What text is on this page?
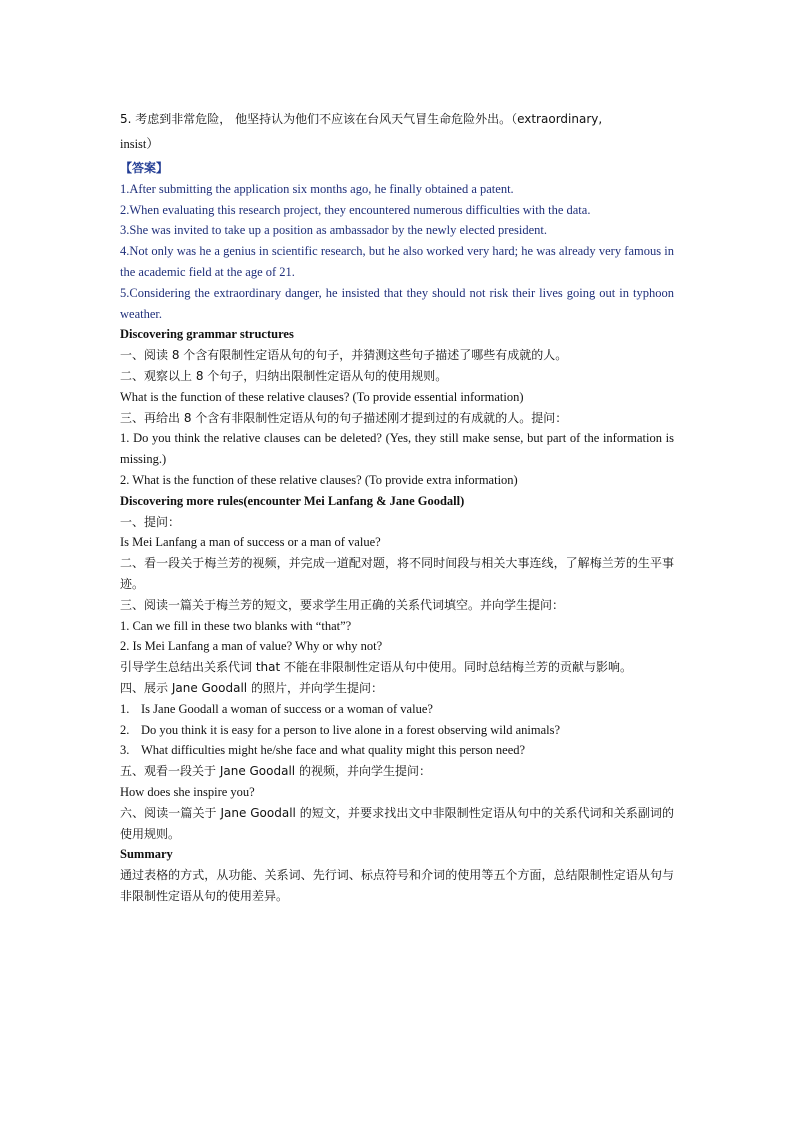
5. 考虑到非常危险， 他坚持认为他们不应该在台风天气冒生命危险外出。（extraordinary,
insist）
【答案】
1.After submitting the application six months ago, he finally obtained a patent.
2.When evaluating this research project, they encountered numerous difficulties with the data.
3.She was invited to take up a position as ambassador by the newly elected president.
4.Not only was he a genius in scientific research, but he also worked very hard; he was already very famous in the academic field at the age of 21.
5.Considering the extraordinary danger, he insisted that they should not risk their lives going out in typhoon weather.
Discovering grammar structures
一、阅读 8 个含有限制性定语从句的句子，并猜测这些句子描述了哪些有成就的人。
二、观察以上 8 个句子，归纳出限制性定语从句的使用规则。
What is the function of these relative clauses? (To provide essential information)
三、再给出 8 个含有非限制性定语从句的句子描述刚才提到过的有成就的人。提问：
1. Do you think the relative clauses can be deleted? (Yes, they still make sense, but part of the information is missing.)
2. What is the function of these relative clauses? (To provide extra information)
Discovering more rules(encounter Mei Lanfang & Jane Goodall)
一、提问：
Is Mei Lanfang a man of success or a man of value?
二、看一段关于梅兰芳的视频，并完成一道配对题，将不同时间段与相关大事连线，了解梅兰芳的生平事迹。
三、阅读一篇关于梅兰芳的短文，要求学生用正确的关系代词填空。并向学生提问：
1. Can we fill in these two blanks with “that”?
2. Is Mei Lanfang a man of value? Why or why not?
引导学生总结出关系代词 that 不能在非限制性定语从句中使用。同时总结梅兰芳的贡献与影响。
四、展示 Jane Goodall 的照片，并向学生提问：
1. Is Jane Goodall a woman of success or a woman of value?
2. Do you think it is easy for a person to live alone in a forest observing wild animals?
3. What difficulties might he/she face and what quality might this person need?
五、观看一段关于 Jane Goodall 的视频，并向学生提问：
How does she inspire you?
六、阅读一篇关于 Jane Goodall 的短文，并要求找出文中非限制性定语从句中的关系代词和关系副词的使用规则。
Summary
通过表格的方式，从功能、关系词、先行词、标点符号和介词的使用等五个方面，总结限制性定语从句与非限制性定语从句的使用差异。
